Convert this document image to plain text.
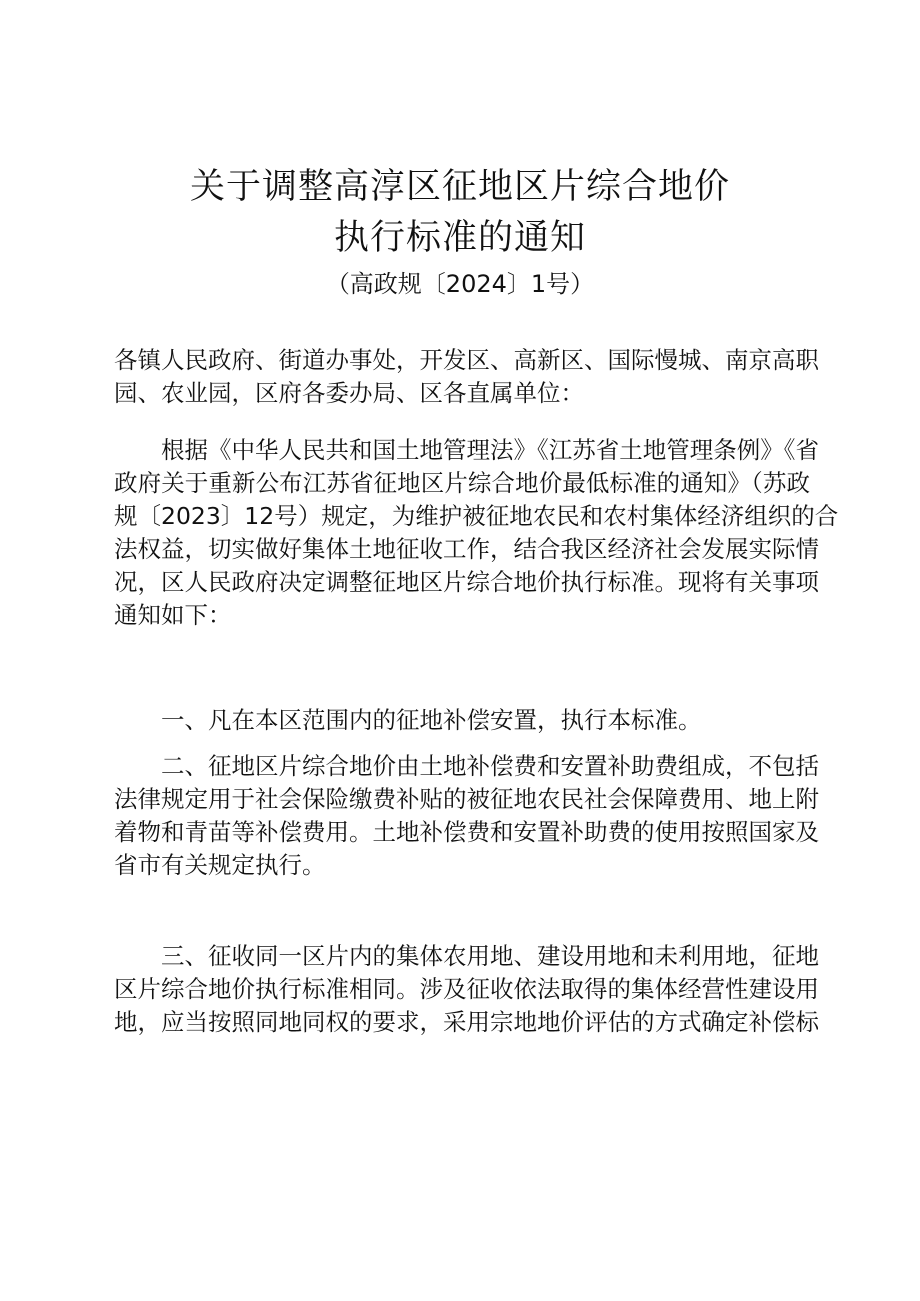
关于调整高淳区征地区片综合地价
执行标准的通知
（高政规〔2024〕1号）
各镇人民政府、街道办事处，开发区、高新区、国际慢城、南京高职
园、农业园，区府各委办局、区各直属单位：
根据《中华人民共和国土地管理法》《江苏省土地管理条例》《省
政府关于重新公布江苏省征地区片综合地价最低标准的通知》（苏政
规〔2023〕12号）规定，为维护被征地农民和农村集体经济组织的合
法权益，切实做好集体土地征收工作，结合我区经济社会发展实际情
况，区人民政府决定调整征地区片综合地价执行标准。现将有关事项
通知如下：
一、凡在本区范围内的征地补偿安置，执行本标准。
二、征地区片综合地价由土地补偿费和安置补助费组成，不包括
法律规定用于社会保险缴费补贴的被征地农民社会保障费用、地上附
着物和青苗等补偿费用。土地补偿费和安置补助费的使用按照国家及
省市有关规定执行。
三、征收同一区片内的集体农用地、建设用地和未利用地，征地
区片综合地价执行标准相同。涉及征收依法取得的集体经营性建设用
地，应当按照同地同权的要求，采用宗地地价评估的方式确定补偿标
